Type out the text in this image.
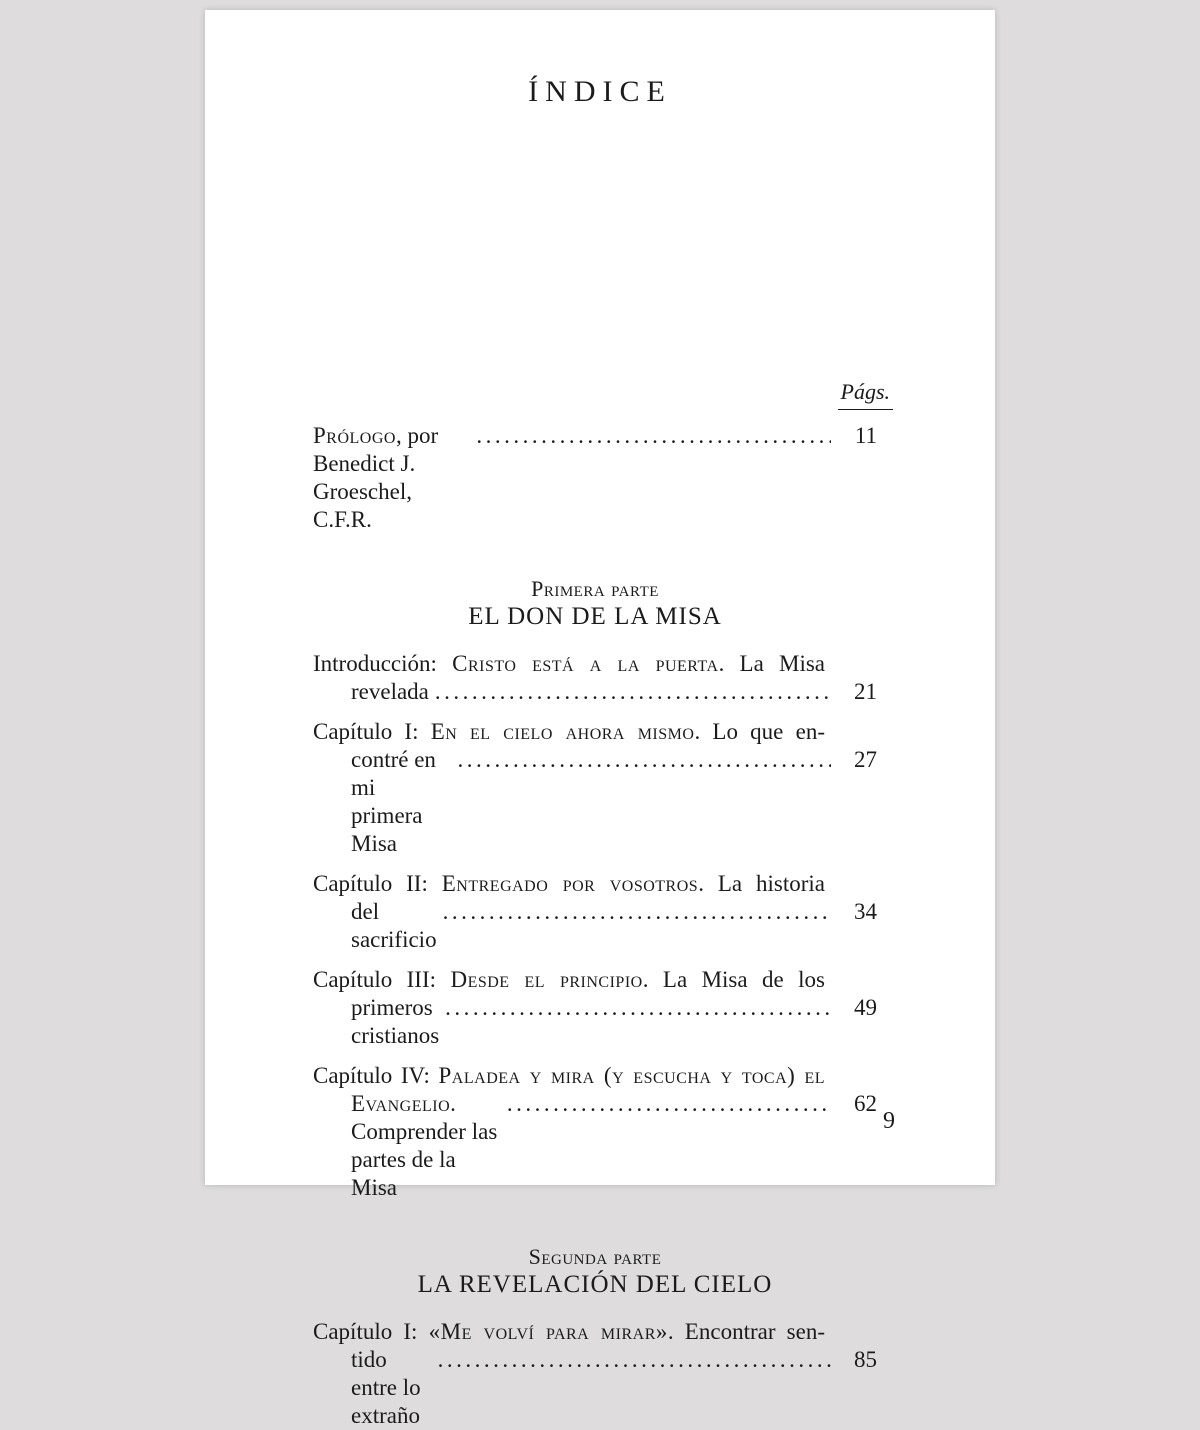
ÍNDICE
Págs.
Prólogo, por Benedict J. Groeschel, C.F.R.
.....
11
Primera parte
EL DON DE LA MISA
Introducción: Cristo está a la puerta. La Misa
revelada .....	21
Capítulo I: En el cielo ahora mismo. Lo que en-
contré en mi primera Misa
.....
27
Capítulo II: Entregado por vosotros. La historia
del sacrificio
.....
34
Capítulo III: Desde el principio. La Misa de los
primeros cristianos
.....
49
Capítulo IV: Paladea y mira (y escucha y toca) el
Evangelio. Comprender las partes de la Misa
.....
62
Segunda parte
LA REVELACIÓN DEL CIELO
Capítulo I: «Me volví para mirar». Encontrar sen-
tido entre lo extraño
.....
85
9
